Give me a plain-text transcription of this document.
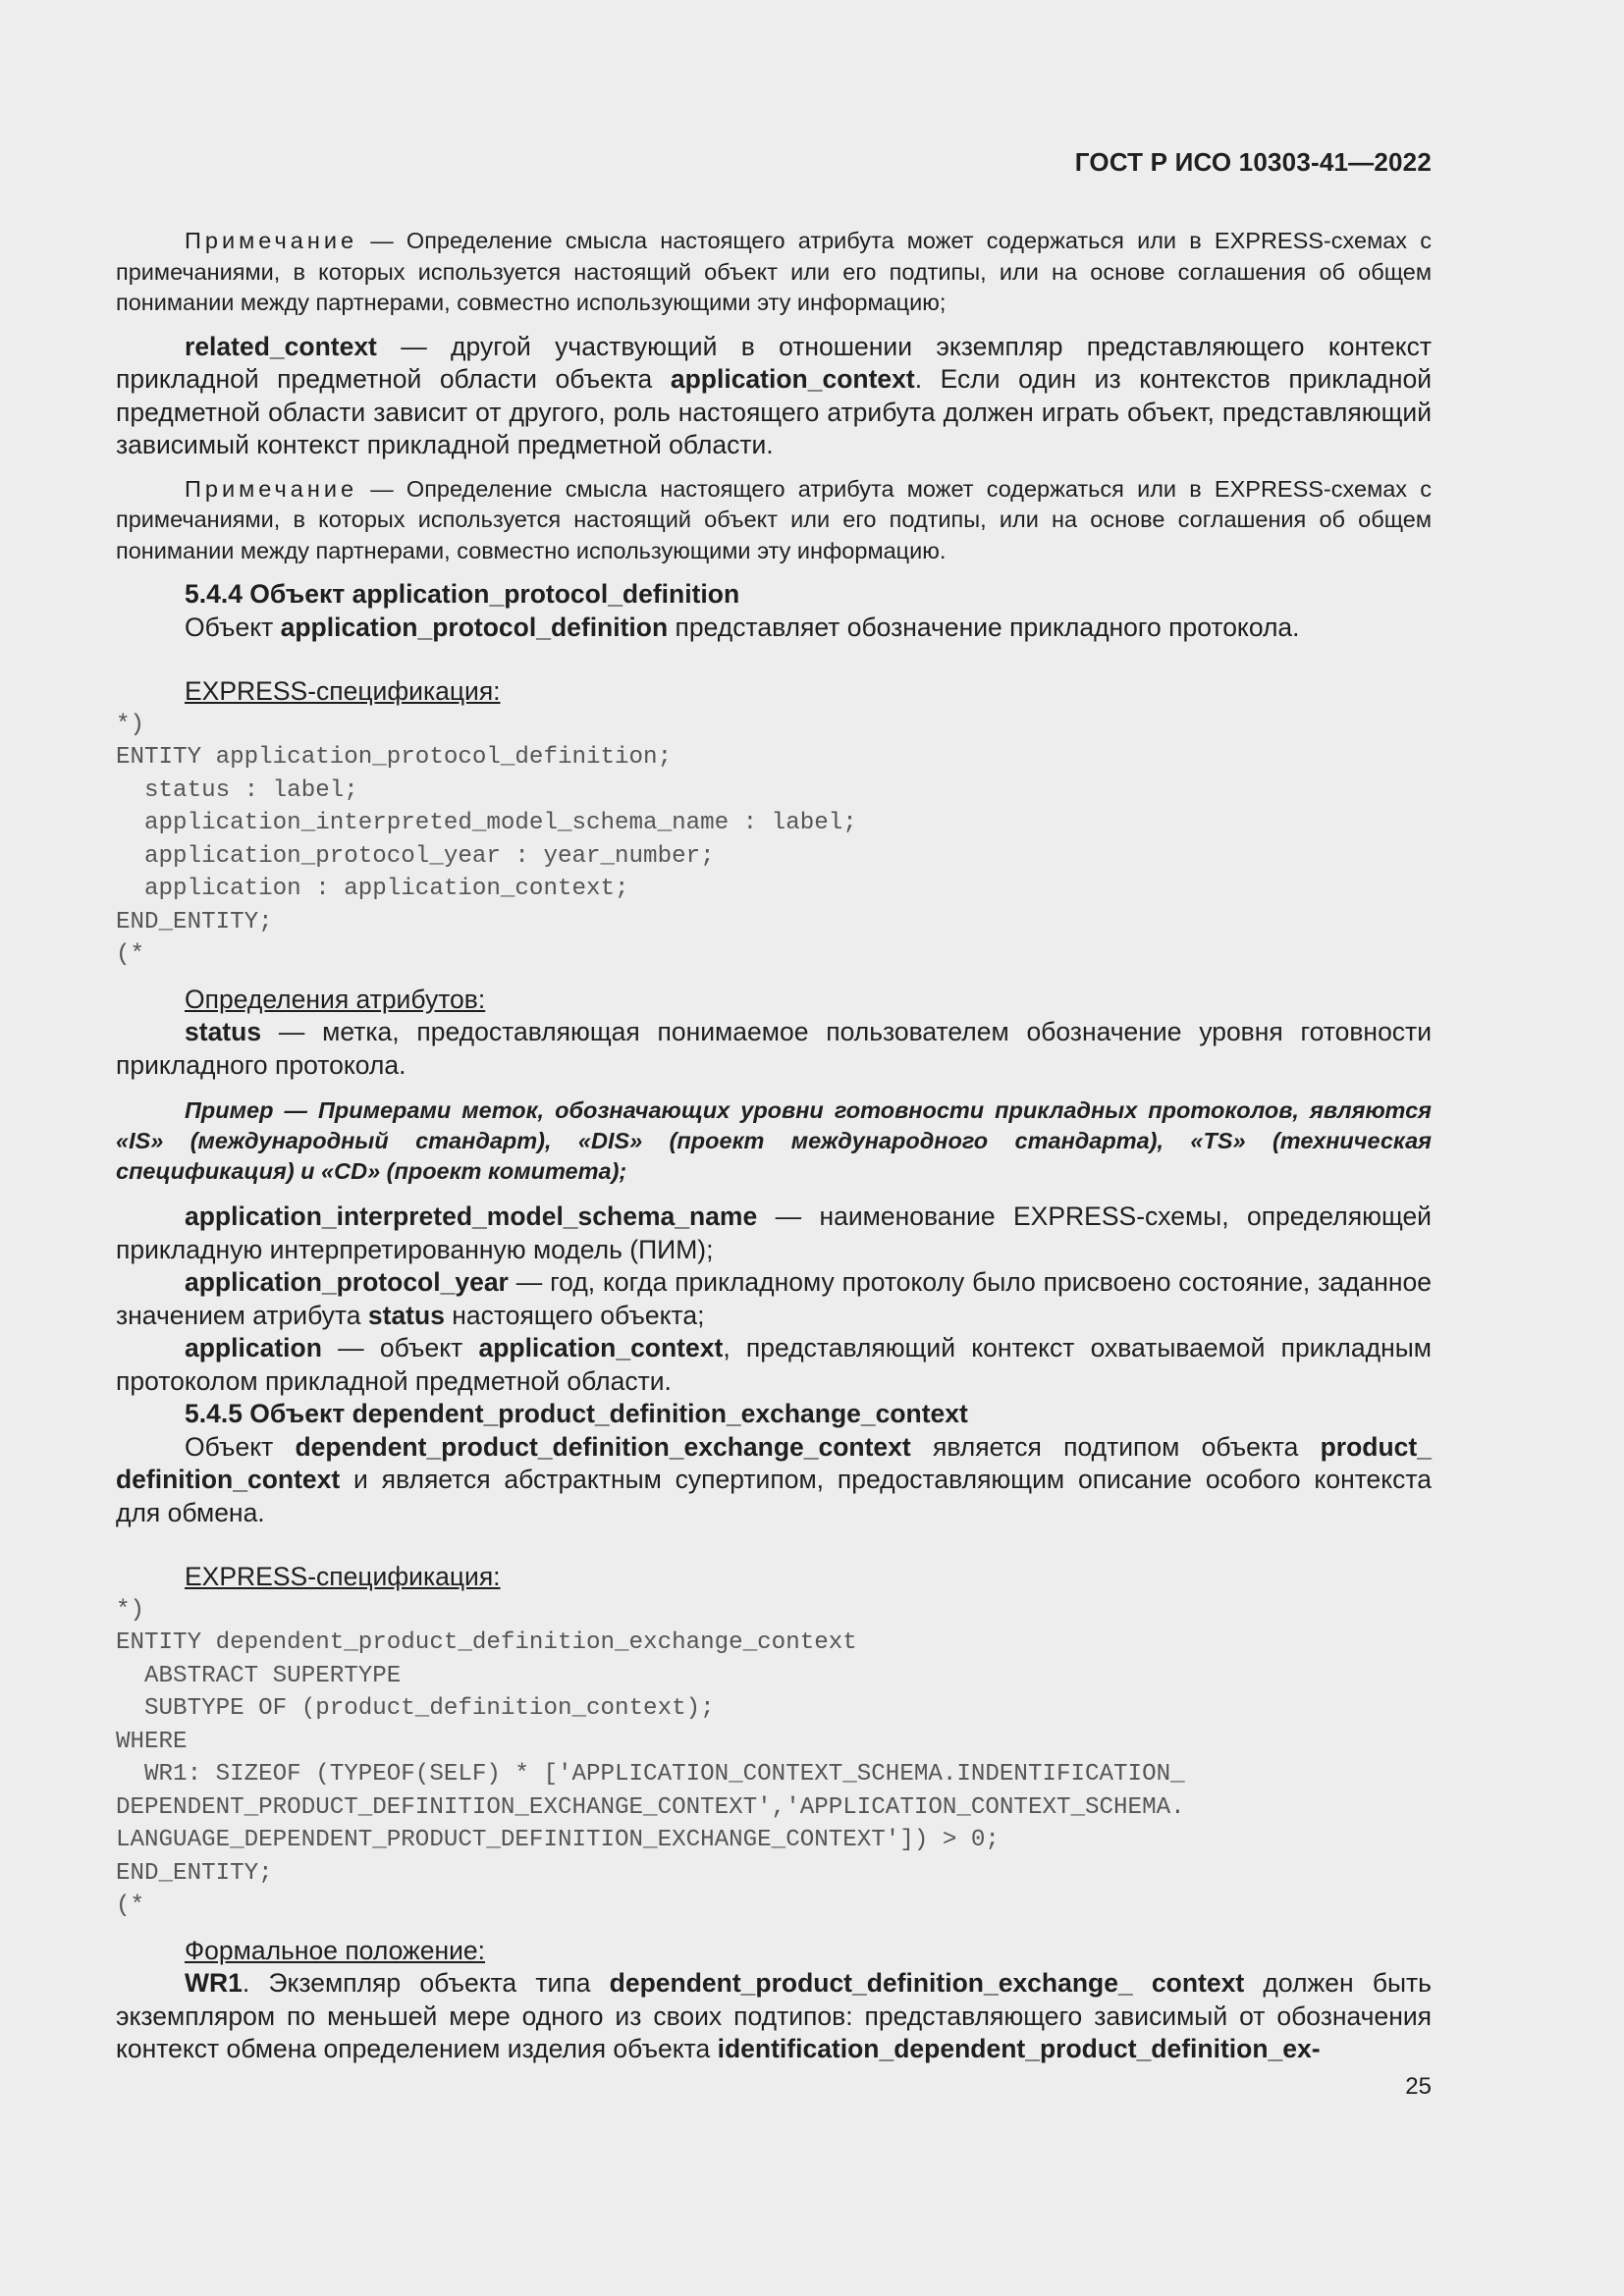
ГОСТ Р ИСО 10303-41—2022

Примечание — Определение смысла настоящего атрибута может содержаться или в EXPRESS-схемах с примечаниями, в которых используется настоящий объект или его подтипы, или на основе соглашения об общем понимании между партнерами, совместно использующими эту информацию;

related_context — другой участвующий в отношении экземпляр представляющего контекст прикладной предметной области объекта application_context. Если один из контекстов прикладной предметной области зависит от другого, роль настоящего атрибута должен играть объект, представляющий зависимый контекст прикладной предметной области.

Примечание — Определение смысла настоящего атрибута может содержаться или в EXPRESS-схемах с примечаниями, в которых используется настоящий объект или его подтипы, или на основе соглашения об общем понимании между партнерами, совместно использующими эту информацию.

5.4.4 Объект application_protocol_definition

Объект application_protocol_definition представляет обозначение прикладного протокола.

EXPRESS-спецификация:

*)
ENTITY application_protocol_definition;
status : label;
application_interpreted_model_schema_name : label;
application_protocol_year : year_number;
application : application_context;
END_ENTITY;
(*

Определения атрибутов:

status — метка, предоставляющая понимаемое пользователем обозначение уровня готовности прикладного протокола.

Пример — Примерами меток, обозначающих уровни готовности прикладных протоколов, являются «IS» (международный стандарт), «DIS» (проект международного стандарта), «TS» (техническая спецификация) и «CD» (проект комитета);

application_interpreted_model_schema_name — наименование EXPRESS-схемы, определяющей прикладную интерпретированную модель (ПИМ);

application_protocol_year — год, когда прикладному протоколу было присвоено состояние, заданное значением атрибута status настоящего объекта;

application — объект application_context, представляющий контекст охватываемой прикладным протоколом прикладной предметной области.

5.4.5 Объект dependent_product_definition_exchange_context

Объект dependent_product_definition_exchange_context является подтипом объекта product_ definition_context и является абстрактным супертипом, предоставляющим описание особого контекста для обмена.

EXPRESS-спецификация:

*)
ENTITY dependent_product_definition_exchange_context
ABSTRACT SUPERTYPE
SUBTYPE OF (product_definition_context);
WHERE
WR1: SIZEOF (TYPEOF(SELF) * ['APPLICATION_CONTEXT_SCHEMA.INDENTIFICATION_
DEPENDENT_PRODUCT_DEFINITION_EXCHANGE_CONTEXT','APPLICATION_CONTEXT_SCHEMA.
LANGUAGE_DEPENDENT_PRODUCT_DEFINITION_EXCHANGE_CONTEXT']) > 0;
END_ENTITY;
(*

Формальное положение:

WR1. Экземпляр объекта типа dependent_product_definition_exchange_ context должен быть экземпляром по меньшей мере одного из своих подтипов: представляющего зависимый от обозначения контекст обмена определением изделия объекта identification_dependent_product_definition_ex-

25
